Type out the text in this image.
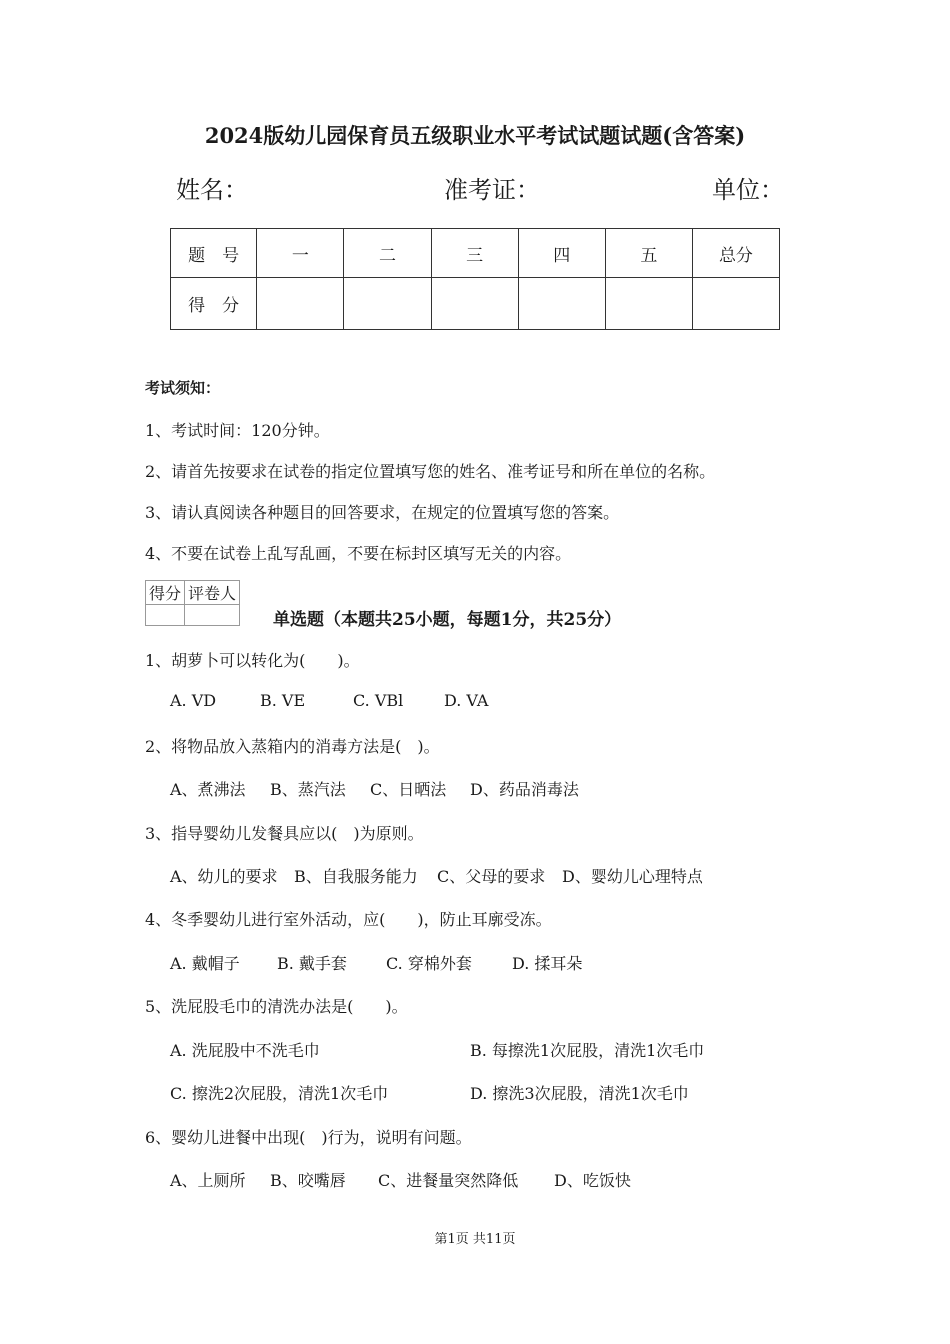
2024版幼儿园保育员五级职业水平考试试题试题(含答案)
姓名：	准考证：	单位：
题　号	一	二	三	四	五	总分
得　分						
考试须知：
1、考试时间：120分钟。
2、请首先按要求在试卷的指定位置填写您的姓名、准考证号和所在单位的名称。
3、请认真阅读各种题目的回答要求，在规定的位置填写您的答案。
4、不要在试卷上乱写乱画，不要在标封区填写无关的内容。
得分	评卷人

单选题（本题共25小题，每题1分，共25分）
1、胡萝卜可以转化为(　　)。
A. VD	B. VE	C. VBl	D. VA
2、将物品放入蒸箱内的消毒方法是(　)。
A、煮沸法 B、蒸汽法 C、日晒法 D、药品消毒法
3、指导婴幼儿发餐具应以(　)为原则。
A、幼儿的要求 B、自我服务能力 C、父母的要求 D、婴幼儿心理特点
4、冬季婴幼儿进行室外活动，应(　　)，防止耳廓受冻。
A. 戴帽子 B. 戴手套 C. 穿棉外套	D. 揉耳朵
5、洗屁股毛巾的清洗办法是(　　)。
A. 洗屁股中不洗毛巾	B. 每擦洗1次屁股，清洗1次毛巾
C. 擦洗2次屁股，清洗1次毛巾	D. 擦洗3次屁股，清洗1次毛巾
6、婴幼儿进餐中出现(　)行为，说明有问题。
A、上厕所 B、咬嘴唇 C、进餐量突然降低 D、吃饭快
第1页 共11页
